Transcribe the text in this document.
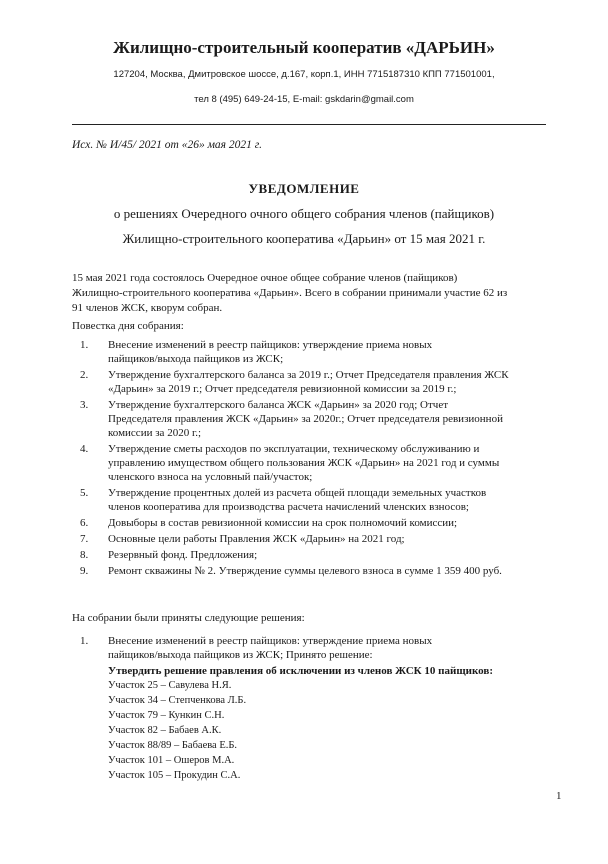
Жилищно-строительный кооператив «ДАРЬИН»
127204, Москва, Дмитровское шоссе, д.167, корп.1, ИНН 7715187310 КПП 771501001,
тел 8 (495) 649-24-15, E-mail: gskdarin@gmail.com
Исх. № И/45/ 2021 от «26» мая 2021 г.
УВЕДОМЛЕНИЕ
о решениях Очередного очного общего собрания членов (пайщиков)
Жилищно-строительного кооператива «Дарьин» от 15 мая 2021 г.
15 мая 2021 года состоялось Очередное очное общее собрание членов (пайщиков)
Жилищно-строительного кооператива «Дарьин». Всего в собрании принимали участие 62 из
91 членов ЖСК, кворум собран.
Повестка дня собрания:
1. Внесение изменений в реестр пайщиков: утверждение приема новых
пайщиков/выхода пайщиков из ЖСК;
2. Утверждение бухгалтерского баланса за 2019 г.; Отчет Председателя правления ЖСК
«Дарьин» за 2019 г.; Отчет председателя ревизионной комиссии за 2019 г.;
3. Утверждение бухгалтерского баланса ЖСК «Дарьин» за 2020 год; Отчет
Председателя правления ЖСК «Дарьин» за 2020г.; Отчет председателя ревизионной
комиссии за 2020 г.;
4. Утверждение сметы расходов по эксплуатации, техническому обслуживанию и
управлению имуществом общего пользования ЖСК «Дарьин» на 2021 год и суммы
членского взноса на условный пай/участок;
5. Утверждение процентных долей из расчета общей площади земельных участков
членов кооператива для производства расчета начислений членских взносов;
6. Довыборы в состав ревизионной комиссии на срок полномочий комиссии;
7. Основные цели работы Правления ЖСК «Дарьин» на 2021 год;
8. Резервный фонд. Предложения;
9. Ремонт скважины № 2. Утверждение суммы целевого взноса в сумме 1 359 400 руб.
На собрании были приняты следующие решения:
1. Внесение изменений в реестр пайщиков: утверждение приема новых
пайщиков/выхода пайщиков из ЖСК; Принято решение:
Утвердить решение правления об исключении из членов ЖСК 10 пайщиков:
Участок 25 – Савулева Н.Я.
Участок 34 – Степченкова Л.Б.
Участок 79 – Кункин С.Н.
Участок 82 – Бабаев А.К.
Участок 88/89 – Бабаева Е.Б.
Участок 101 – Ошеров М.А.
Участок 105 – Прокудин С.А.
1
